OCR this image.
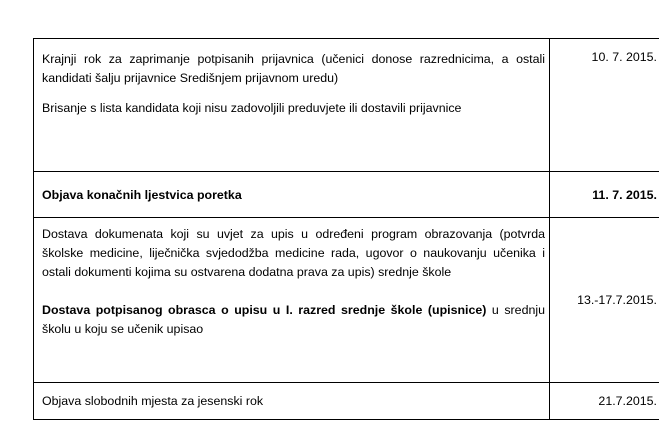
Krajnji rok za zaprimanje potpisanih prijavnica (učenici donose razrednicima, a ostali kandidati šalju prijavnice Središnjem prijavnom uredu)

Brisanje s lista kandidata koji nisu zadovoljili preduvjete ili dostavili prijavnice	10. 7. 2015.
Objava konačnih ljestvica poretka	11. 7. 2015.

Dostava dokumenata koji su uvjet za upis u određeni program obrazovanja (potvrda školske medicine, liječnička svjedodžba medicine rada, ugovor o naukovanju učenika i ostali dokumenti kojima su ostvarena dodatna prava za upis) srednje škole

Dostava potpisanog obrasca o upisu u I. razred srednje škole (upisnice) u srednju školu u koju se učenik upisao	13.-17.7.2015.
Objava slobodnih mjesta za jesenski rok	21.7.2015.
